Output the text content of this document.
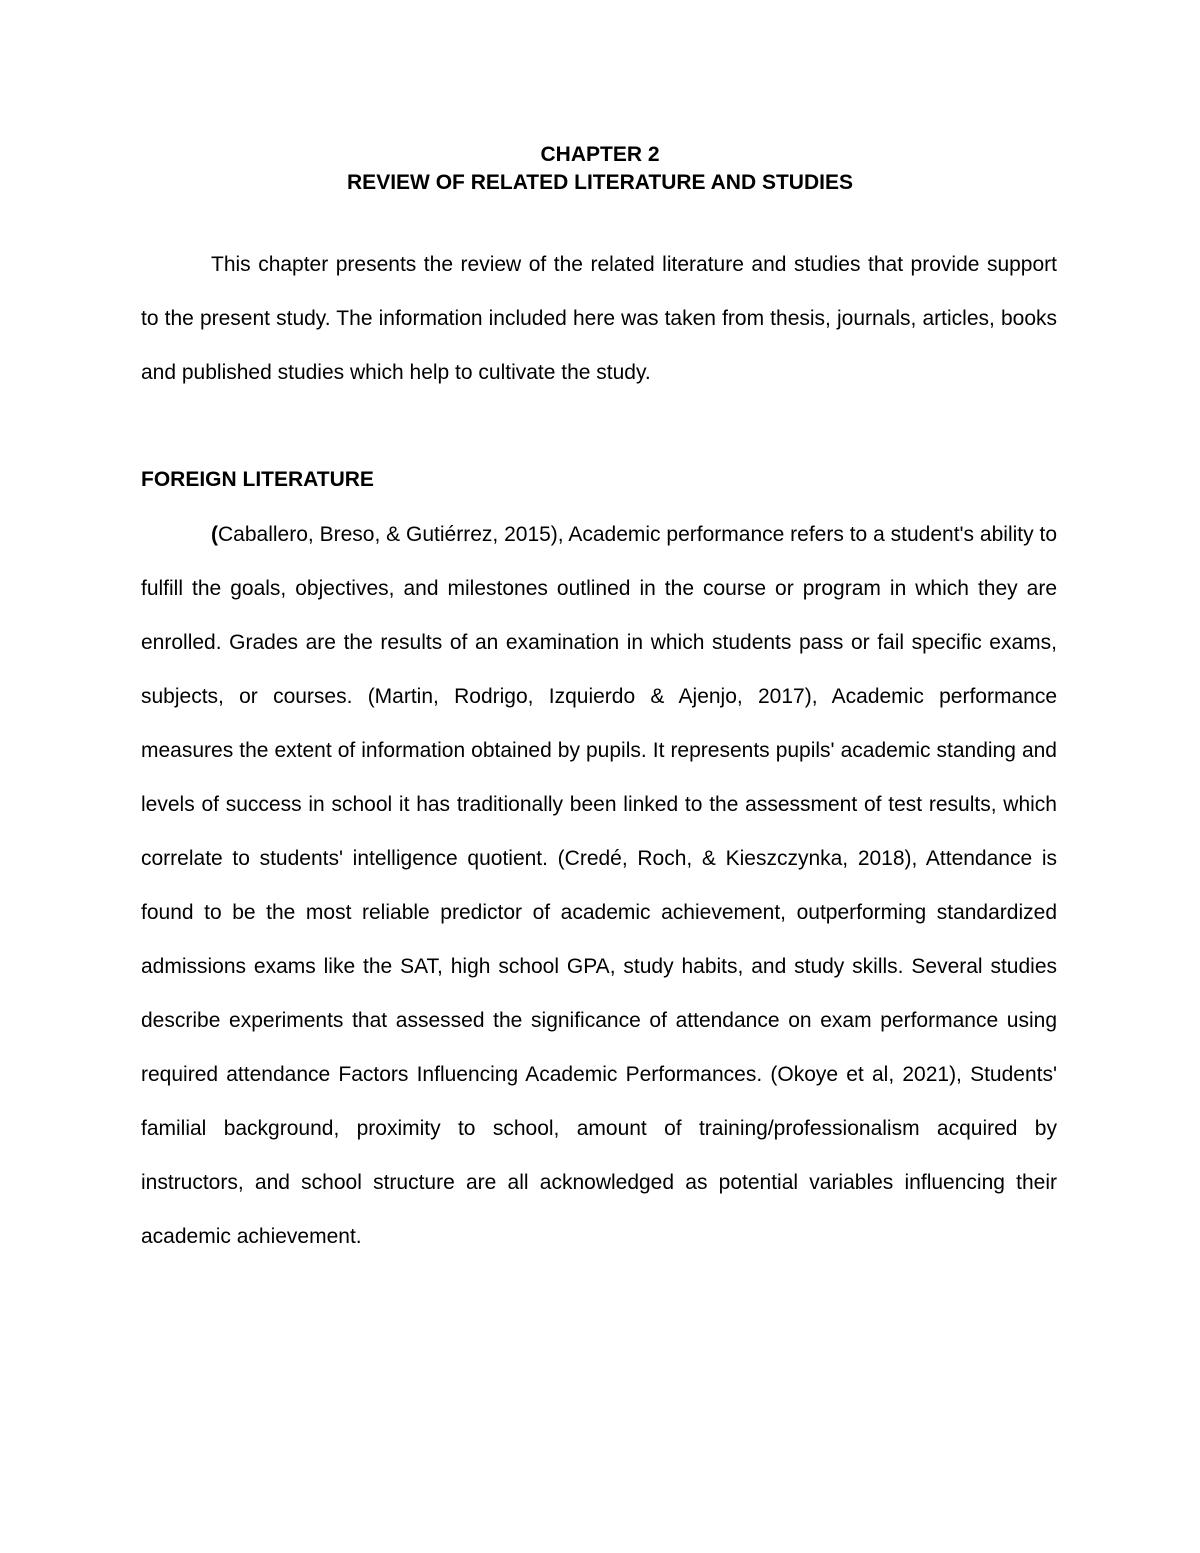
CHAPTER 2
REVIEW OF RELATED LITERATURE AND STUDIES

This chapter presents the review of the related literature and studies that provide support to the present study. The information included here was taken from thesis, journals, articles, books and published studies which help to cultivate the study.

FOREIGN LITERATURE

(Caballero, Breso, & Gutiérrez, 2015), Academic performance refers to a student's ability to fulfill the goals, objectives, and milestones outlined in the course or program in which they are enrolled. Grades are the results of an examination in which students pass or fail specific exams, subjects, or courses. (Martin, Rodrigo, Izquierdo & Ajenjo, 2017), Academic performance measures the extent of information obtained by pupils. It represents pupils' academic standing and levels of success in school it has traditionally been linked to the assessment of test results, which correlate to students' intelligence quotient. (Credé, Roch, & Kieszczynka, 2018), Attendance is found to be the most reliable predictor of academic achievement, outperforming standardized admissions exams like the SAT, high school GPA, study habits, and study skills. Several studies describe experiments that assessed the significance of attendance on exam performance using required attendance Factors Influencing Academic Performances. (Okoye et al, 2021), Students' familial background, proximity to school, amount of training/professionalism acquired by instructors, and school structure are all acknowledged as potential variables influencing their academic achievement.
